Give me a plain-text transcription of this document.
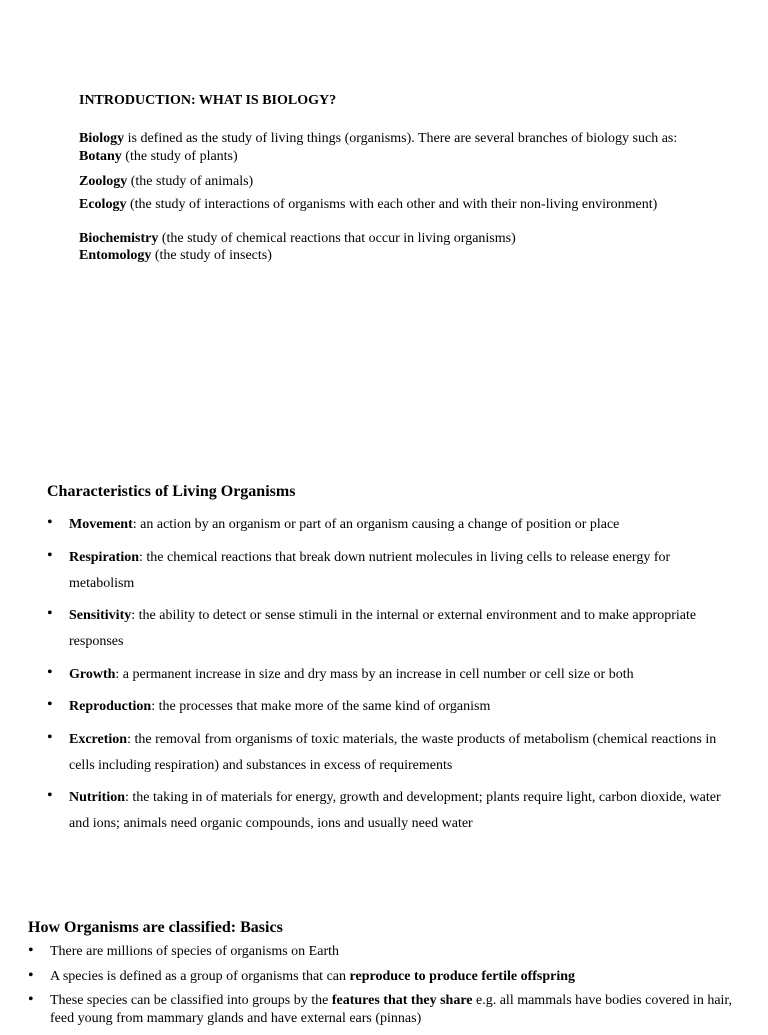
INTRODUCTION: WHAT IS BIOLOGY?
Biology is defined as the study of living things (organisms). There are several branches of biology such as: Botany (the study of plants)
Zoology (the study of animals)
Ecology (the study of interactions of organisms with each other and with their non-living environment)
Biochemistry (the study of chemical reactions that occur in living organisms)
Entomology (the study of insects)
Characteristics of Living Organisms
• Movement: an action by an organism or part of an organism causing a change of position or place
• Respiration: the chemical reactions that break down nutrient molecules in living cells to release energy for metabolism
• Sensitivity: the ability to detect or sense stimuli in the internal or external environment and to make appropriate responses
• Growth: a permanent increase in size and dry mass by an increase in cell number or cell size or both
• Reproduction: the processes that make more of the same kind of organism
• Excretion: the removal from organisms of toxic materials, the waste products of metabolism (chemical reactions in cells including respiration) and substances in excess of requirements
• Nutrition: the taking in of materials for energy, growth and development; plants require light, carbon dioxide, water and ions; animals need organic compounds, ions and usually need water
How Organisms are classified: Basics
• There are millions of species of organisms on Earth
• A species is defined as a group of organisms that can reproduce to produce fertile offspring
• These species can be classified into groups by the features that they share e.g. all mammals have bodies covered in hair, feed young from mammary glands and have external ears (pinnas)
